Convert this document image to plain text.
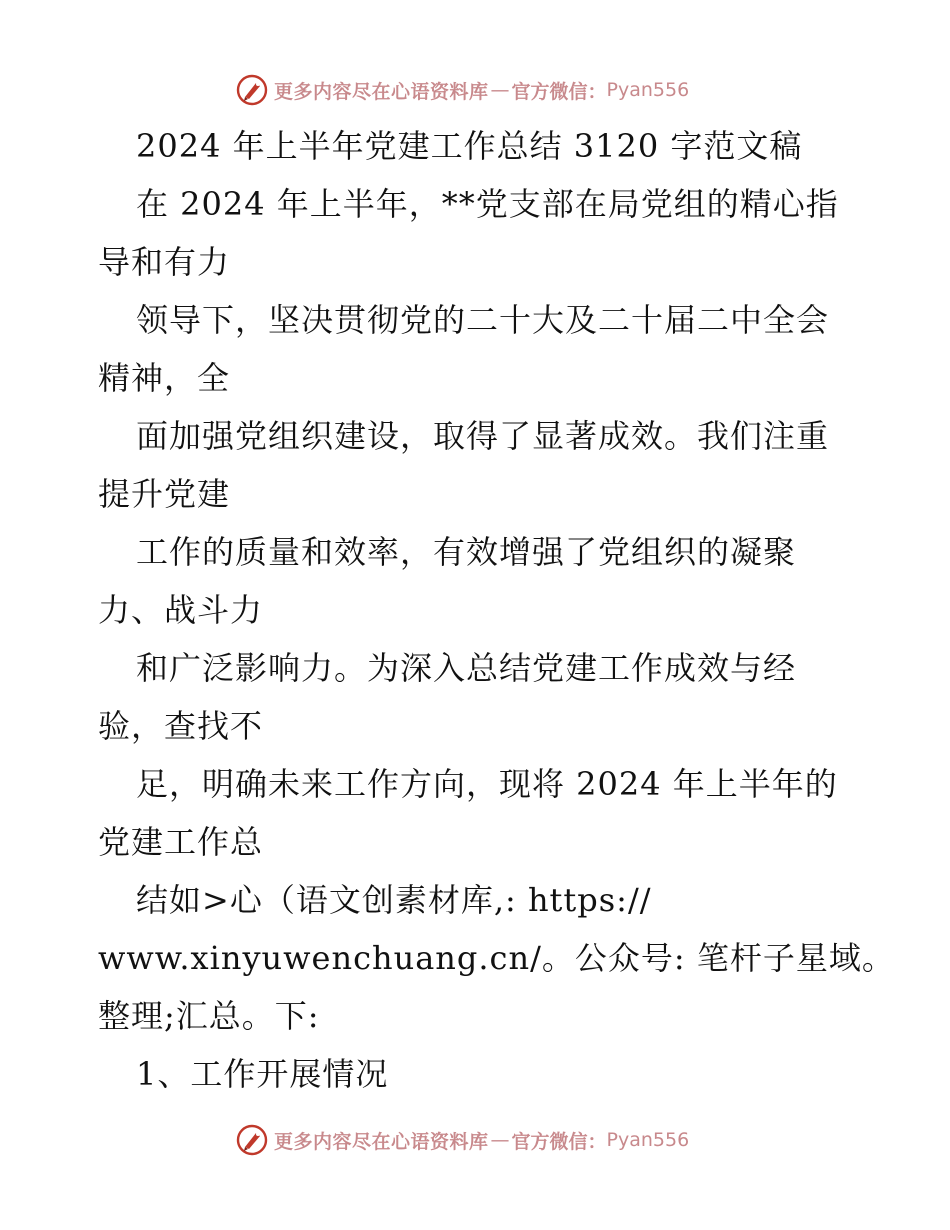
更多内容尽在心语资料库 — 官方微信： Pyan556
2024 年上半年党建工作总结 3120 字范文稿
在 2024 年上半年，**党支部在局党组的精心指
导和有力
领导下，坚决贯彻党的二十大及二十届二中全会
精神，全
面加强党组织建设，取得了显著成效。我们注重
提升党建
工作的质量和效率，有效增强了党组织的凝聚
力、战斗力
和广泛影响力。为深入总结党建工作成效与经
验，查找不
足，明确未来工作方向，现将 2024 年上半年的
党建工作总
结如>心（语文创素材库,: https://
www.xinyuwenchuang.cn/。公众号: 笔杆子星域。
整理;汇总。下:
1、工作开展情况
更多内容尽在心语资料库 — 官方微信： Pyan556
